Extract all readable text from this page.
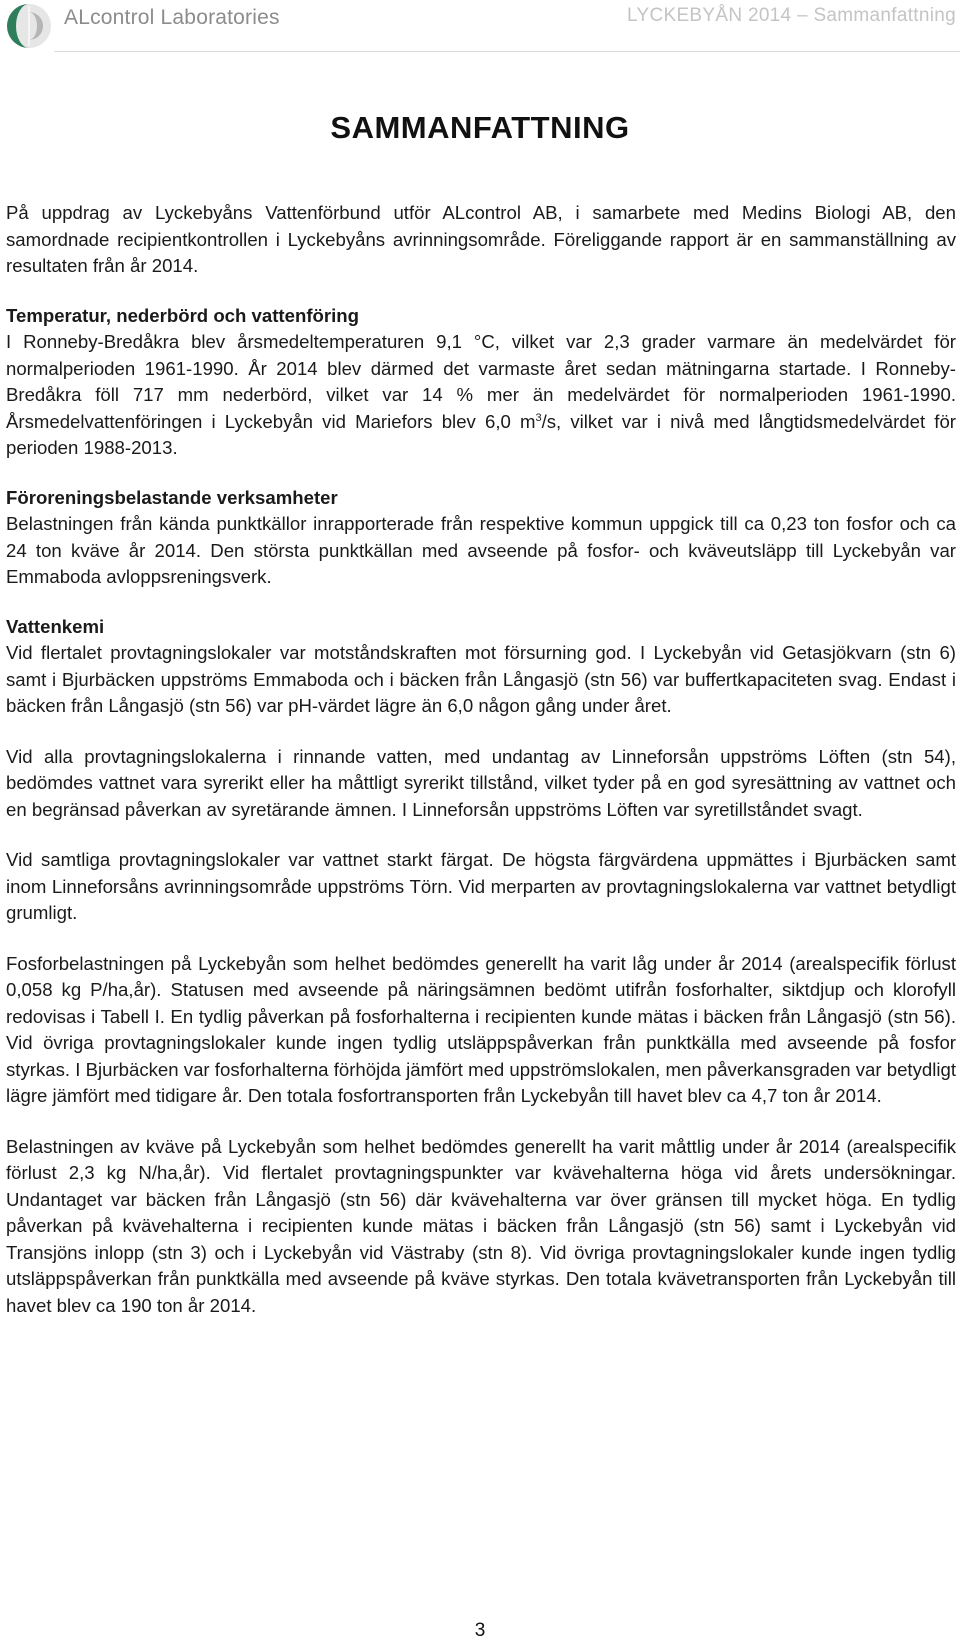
ALcontrol Laboratories	LYCKEBYÅN 2014 – Sammanfattning
SAMMANFATTNING

På uppdrag av Lyckebyåns Vattenförbund utför ALcontrol AB, i samarbete med Medins Biologi AB, den samordnade recipientkontrollen i Lyckebyåns avrinningsområde. Föreliggande rapport är en sammanställning av resultaten från år 2014.

Temperatur, nederbörd och vattenföring

I Ronneby-Bredåkra blev årsmedeltemperaturen 9,1 °C, vilket var 2,3 grader varmare än medelvärdet för normalperioden 1961-1990. År 2014 blev därmed det varmaste året sedan mätningarna startade. I Ronneby-Bredåkra föll 717 mm nederbörd, vilket var 14 % mer än medelvärdet för normalperioden 1961-1990. Årsmedelvattenföringen i Lyckebyån vid Mariefors blev 6,0 $m^3/s$, vilket var i nivå med långtidsmedelvärdet för perioden 1988-2013.

Föroreningsbelastande verksamheter

Belastningen från kända punktkällor inrapporterade från respektive kommun uppgick till ca 0,23 ton fosfor och ca 24 ton kväve år 2014. Den största punktkällan med avseende på fosfor- och kväveutsläpp till Lyckebyån var Emmaboda avloppsreningsverk.

Vattenkemi

Vid flertalet provtagningslokaler var motståndskraften mot försurning god. I Lyckebyån vid Getasjökvarn (stn 6) samt i Bjurbäcken uppströms Emmaboda och i bäcken från Långasjö (stn 56) var buffertkapaciteten svag. Endast i bäcken från Långasjö (stn 56) var pH-värdet lägre än 6,0 någon gång under året.

Vid alla provtagningslokalerna i rinnande vatten, med undantag av Linneforsån uppströms Löften (stn 54), bedömdes vattnet vara syrerikt eller ha måttligt syrerikt tillstånd, vilket tyder på en god syresättning av vattnet och en begränsad påverkan av syretärande ämnen. I Linneforsån uppströms Löften var syretillståndet svagt.

Vid samtliga provtagningslokaler var vattnet starkt färgat. De högsta färgvärdena uppmättes i Bjurbäcken samt inom Linneforsåns avrinningsområde uppströms Törn. Vid merparten av provtagningslokalerna var vattnet betydligt grumligt.

Fosforbelastningen på Lyckebyån som helhet bedömdes generellt ha varit låg under år 2014 (arealspecifik förlust 0,058 kg P/ha,år). Statusen med avseende på näringsämnen bedömt utifrån fosforhalter, siktdjup och klorofyll redovisas i Tabell I. En tydlig påverkan på fosforhalterna i recipienten kunde mätas i bäcken från Långasjö (stn 56). Vid övriga provtagningslokaler kunde ingen tydlig utsläppspåverkan från punktkälla med avseende på fosfor styrkas. I Bjurbäcken var fosforhalterna förhöjda jämfört med uppströmslokalen, men påverkansgraden var betydligt lägre jämfört med tidigare år. Den totala fosfortransporten från Lyckebyån till havet blev ca 4,7 ton år 2014.

Belastningen av kväve på Lyckebyån som helhet bedömdes generellt ha varit måttlig under år 2014 (arealspecifik förlust 2,3 kg N/ha,år). Vid flertalet provtagningspunkter var kvävehalterna höga vid årets undersökningar. Undantaget var bäcken från Långasjö (stn 56) där kvävehalterna var över gränsen till mycket höga. En tydlig påverkan på kvävehalterna i recipienten kunde mätas i bäcken från Långasjö (stn 56) samt i Lyckebyån vid Transjöns inlopp (stn 3) och i Lyckebyån vid Västraby (stn 8). Vid övriga provtagningslokaler kunde ingen tydlig utsläppspåverkan från punktkälla med avseende på kväve styrkas. Den totala kvävetransporten från Lyckebyån till havet blev ca 190 ton år 2014.

3
